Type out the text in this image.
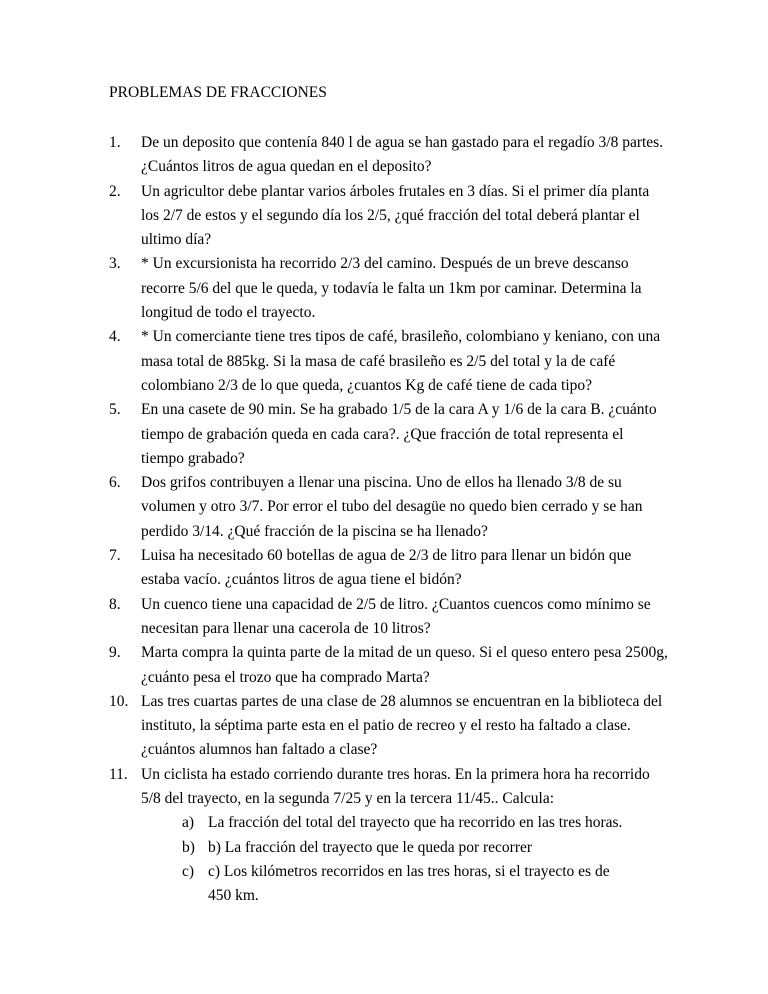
PROBLEMAS DE FRACCIONES
1. De un deposito que contenía 840 l de agua se han gastado para el regadío 3/8 partes. ¿Cuántos litros de agua quedan en el deposito?
2. Un agricultor debe plantar varios árboles frutales en 3 días. Si el primer día planta los 2/7 de estos y el segundo día los 2/5, ¿qué fracción del total deberá plantar el ultimo día?
3. * Un excursionista ha recorrido 2/3 del camino. Después de un breve descanso recorre 5/6 del que le queda, y todavía le falta un 1km por caminar. Determina la longitud de todo el trayecto.
4. * Un comerciante tiene tres tipos de café, brasileño, colombiano y keniano, con una masa total de 885kg. Si la masa de café brasileño es 2/5 del total y la de café colombiano 2/3 de lo que queda, ¿cuantos Kg de café tiene de cada tipo?
5. En una casete de 90 min. Se ha grabado 1/5 de la cara A y 1/6 de la cara B. ¿cuánto tiempo de grabación queda en cada cara?. ¿Que fracción de total representa el tiempo grabado?
6. Dos grifos contribuyen a llenar una piscina. Uno de ellos ha llenado 3/8 de su volumen y otro 3/7. Por error el tubo del desagüe no quedo bien cerrado y se han perdido 3/14. ¿Qué fracción de la piscina se ha llenado?
7. Luisa ha necesitado 60 botellas de agua de 2/3 de litro para llenar un bidón que estaba vacío. ¿cuántos litros de agua tiene el bidón?
8. Un cuenco tiene una capacidad de 2/5 de litro. ¿Cuantos cuencos como mínimo se necesitan para llenar una cacerola de 10 litros?
9. Marta compra la quinta parte de la mitad de un queso. Si el queso entero pesa 2500g, ¿cuánto pesa el trozo que ha comprado Marta?
10. Las tres cuartas partes de una clase de 28 alumnos se encuentran en la biblioteca del instituto, la séptima parte esta en el patio de recreo y el resto ha faltado a clase. ¿cuántos alumnos han faltado a clase?
11. Un ciclista ha estado corriendo durante tres horas. En la primera hora ha recorrido 5/8 del trayecto, en la segunda 7/25 y en la tercera 11/45.. Calcula:
a) La fracción del total del trayecto que ha recorrido en las tres horas.
b) b) La fracción del trayecto que le queda por recorrer
c) c) Los kilómetros recorridos en las tres horas, si el trayecto es de 450 km.
